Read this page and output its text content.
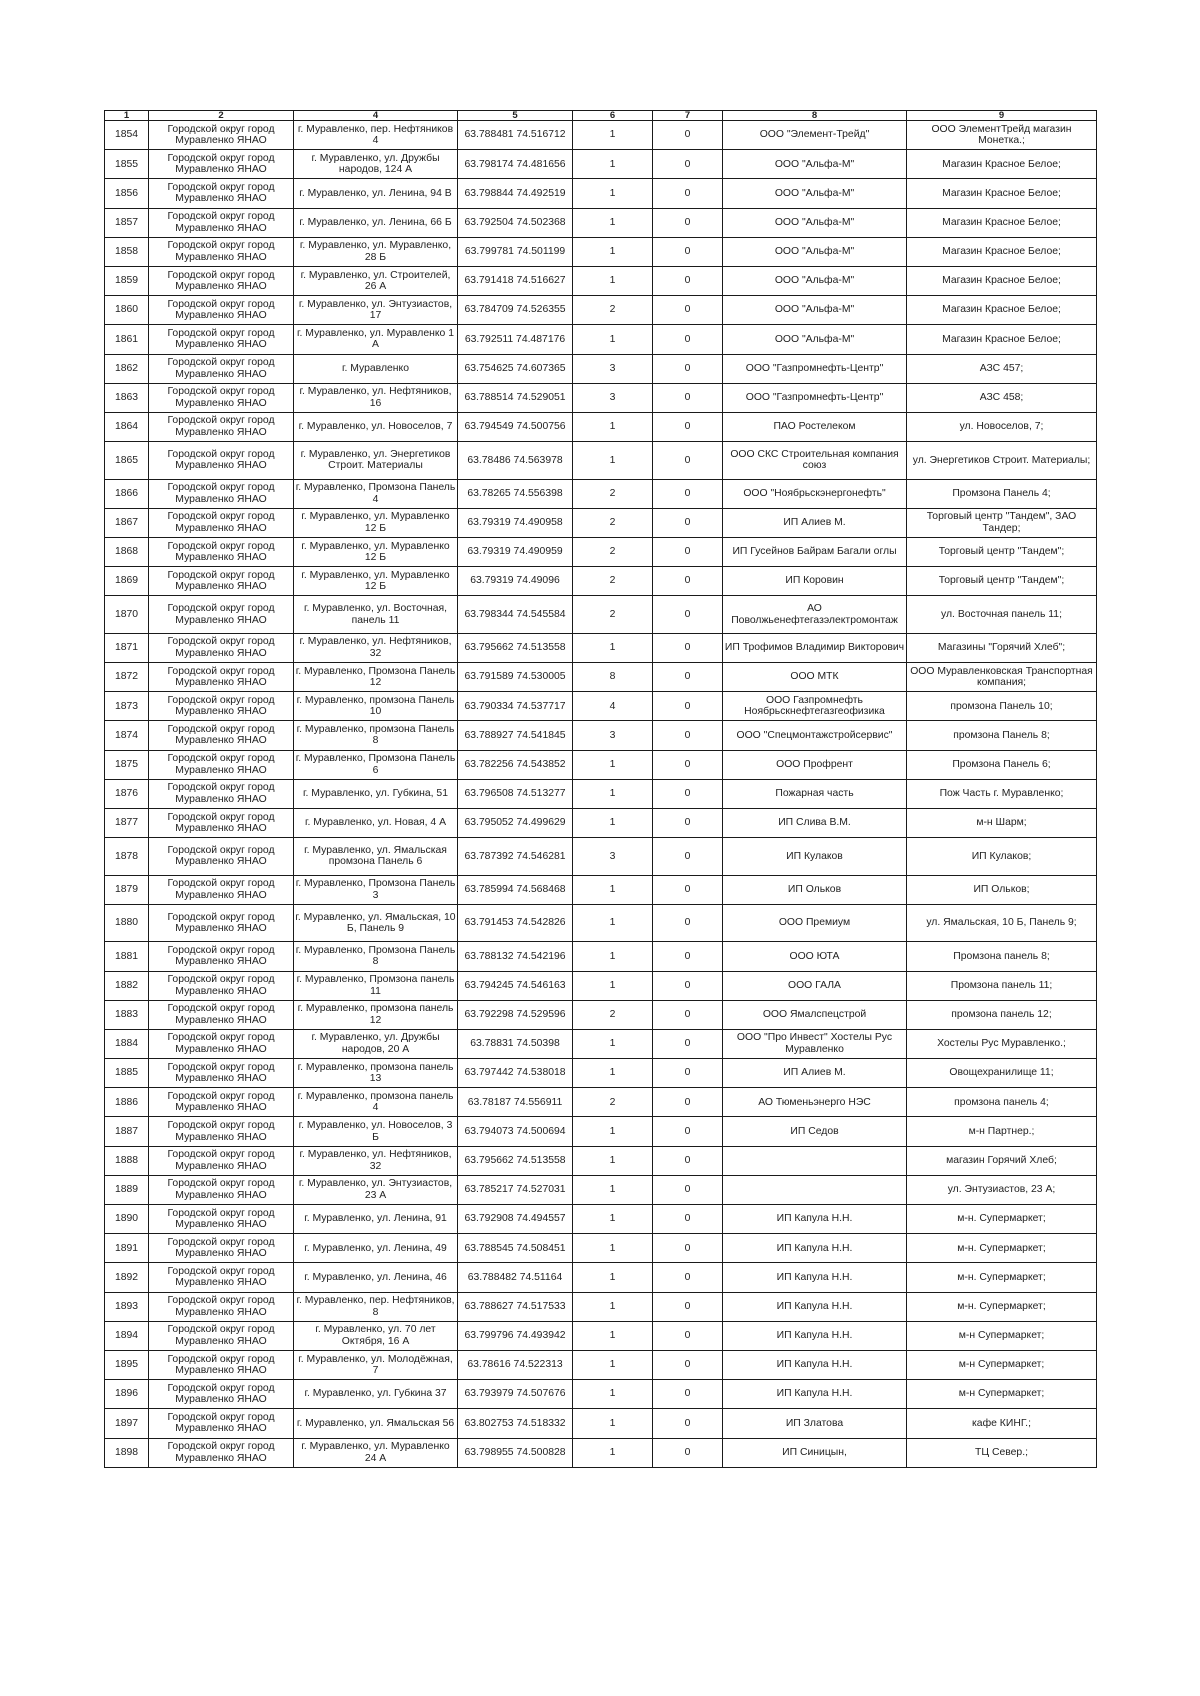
1	2	4	5	6	7	8	9
1854	Городской округ город Муравленко ЯНАО	г. Муравленко, пер. Нефтяников 4	63.788481 74.516712	1	0	ООО "Элемент-Трейд"	ООО ЭлементТрейд магазин Монетка.;
1855	Городской округ город Муравленко ЯНАО	г. Муравленко, ул. Дружбы народов, 124 А	63.798174 74.481656	1	0	ООО "Альфа-М"	Магазин Красное Белое;
1856	Городской округ город Муравленко ЯНАО	г. Муравленко, ул. Ленина, 94 В	63.798844 74.492519	1	0	ООО "Альфа-М"	Магазин Красное Белое;
1857	Городской округ город Муравленко ЯНАО	г. Муравленко, ул. Ленина, 66 Б	63.792504 74.502368	1	0	ООО "Альфа-М"	Магазин Красное Белое;
1858	Городской округ город Муравленко ЯНАО	г. Муравленко, ул. Муравленко, 28 Б	63.799781 74.501199	1	0	ООО "Альфа-М"	Магазин Красное Белое;
1859	Городской округ город Муравленко ЯНАО	г. Муравленко, ул. Строителей, 26 А	63.791418 74.516627	1	0	ООО "Альфа-М"	Магазин Красное Белое;
1860	Городской округ город Муравленко ЯНАО	г. Муравленко, ул. Энтузиастов, 17	63.784709 74.526355	2	0	ООО "Альфа-М"	Магазин Красное Белое;
1861	Городской округ город Муравленко ЯНАО	г. Муравленко, ул. Муравленко 1 А	63.792511 74.487176	1	0	ООО "Альфа-М"	Магазин Красное Белое;
1862	Городской округ город Муравленко ЯНАО	г. Муравленко	63.754625 74.607365	3	0	ООО "Газпромнефть-Центр"	АЗС 457;
1863	Городской округ город Муравленко ЯНАО	г. Муравленко, ул. Нефтяников, 16	63.788514 74.529051	3	0	ООО "Газпромнефть-Центр"	АЗС 458;
1864	Городской округ город Муравленко ЯНАО	г. Муравленко, ул. Новоселов, 7	63.794549 74.500756	1	0	ПАО Ростелеком	ул. Новоселов, 7;
1865	Городской округ город Муравленко ЯНАО	г. Муравленко, ул. Энергетиков Строит. Материалы	63.78486 74.563978	1	0	ООО СКС Строительная компания союз	ул. Энергетиков Строит. Материалы;
1866	Городской округ город Муравленко ЯНАО	г. Муравленко, Промзона Панель 4	63.78265 74.556398	2	0	ООО "Ноябрьскэнергонефть"	Промзона Панель 4;
1867	Городской округ город Муравленко ЯНАО	г. Муравленко, ул. Муравленко 12 Б	63.79319 74.490958	2	0	ИП Алиев М.	Торговый центр "Тандем", ЗАО Тандер;
1868	Городской округ город Муравленко ЯНАО	г. Муравленко, ул. Муравленко 12 Б	63.79319 74.490959	2	0	ИП Гусейнов Байрам Багали оглы	Торговый центр "Тандем";
1869	Городской округ город Муравленко ЯНАО	г. Муравленко, ул. Муравленко 12 Б	63.79319 74.49096	2	0	ИП Коровин	Торговый центр "Тандем";
1870	Городской округ город Муравленко ЯНАО	г. Муравленко, ул. Восточная, панель 11	63.798344 74.545584	2	0	АО Поволжьенефтегазэлектромонтаж	ул. Восточная панель 11;
1871	Городской округ город Муравленко ЯНАО	г. Муравленко, ул. Нефтяников, 32	63.795662 74.513558	1	0	ИП Трофимов Владимир Викторович	Магазины "Горячий Хлеб";
1872	Городской округ город Муравленко ЯНАО	г. Муравленко, Промзона Панель 12	63.791589 74.530005	8	0	ООО МТК	ООО Муравленковская Транспортная компания;
1873	Городской округ город Муравленко ЯНАО	г. Муравленко, промзона Панель 10	63.790334 74.537717	4	0	ООО Газпромнефть Ноябрьскнефтегазгеофизика	промзона Панель 10;
1874	Городской округ город Муравленко ЯНАО	г. Муравленко, промзона Панель 8	63.788927 74.541845	3	0	ООО "Спецмонтажстройсервис"	промзона Панель 8;
1875	Городской округ город Муравленко ЯНАО	г. Муравленко, Промзона Панель 6	63.782256 74.543852	1	0	ООО Профрент	Промзона Панель 6;
1876	Городской округ город Муравленко ЯНАО	г. Муравленко, ул. Губкина, 51	63.796508 74.513277	1	0	Пожарная часть	Пож Часть г. Муравленко;
1877	Городской округ город Муравленко ЯНАО	г. Муравленко, ул. Новая, 4 А	63.795052 74.499629	1	0	ИП Слива В.М.	м-н Шарм;
1878	Городской округ город Муравленко ЯНАО	г. Муравленко, ул. Ямальская промзона Панель 6	63.787392 74.546281	3	0	ИП Кулаков	ИП Кулаков;
1879	Городской округ город Муравленко ЯНАО	г. Муравленко, Промзона Панель 3	63.785994 74.568468	1	0	ИП Ольков	ИП Ольков;
1880	Городской округ город Муравленко ЯНАО	г. Муравленко, ул. Ямальская, 10 Б, Панель 9	63.791453 74.542826	1	0	ООО Премиум	ул. Ямальская, 10 Б, Панель 9;
1881	Городской округ город Муравленко ЯНАО	г. Муравленко, Промзона Панель 8	63.788132 74.542196	1	0	ООО ЮТА	Промзона панель 8;
1882	Городской округ город Муравленко ЯНАО	г. Муравленко, Промзона панель 11	63.794245 74.546163	1	0	ООО ГАЛА	Промзона панель 11;
1883	Городской округ город Муравленко ЯНАО	г. Муравленко, промзона панель 12	63.792298 74.529596	2	0	ООО Ямалспецстрой	промзона панель 12;
1884	Городской округ город Муравленко ЯНАО	г. Муравленко, ул. Дружбы народов, 20 А	63.78831 74.50398	1	0	ООО "Про Инвест" Хостелы Рус Муравленко	Хостелы Рус Муравленко.;
1885	Городской округ город Муравленко ЯНАО	г. Муравленко, промзона панель 13	63.797442 74.538018	1	0	ИП Алиев М.	Овощехранилище 11;
1886	Городской округ город Муравленко ЯНАО	г. Муравленко, промзона панель 4	63.78187 74.556911	2	0	АО Тюменьэнерго НЭС	промзона панель 4;
1887	Городской округ город Муравленко ЯНАО	г. Муравленко, ул. Новоселов, 3 Б	63.794073 74.500694	1	0	ИП Седов	м-н Партнер.;
1888	Городской округ город Муравленко ЯНАО	г. Муравленко, ул. Нефтяников, 32	63.795662 74.513558	1	0		магазин Горячий Хлеб;
1889	Городской округ город Муравленко ЯНАО	г. Муравленко, ул. Энтузиастов, 23 А	63.785217 74.527031	1	0		ул. Энтузиастов, 23 А;
1890	Городской округ город Муравленко ЯНАО	г. Муравленко, ул. Ленина, 91	63.792908 74.494557	1	0	ИП Капула Н.Н.	м-н. Супермаркет;
1891	Городской округ город Муравленко ЯНАО	г. Муравленко, ул. Ленина, 49	63.788545 74.508451	1	0	ИП Капула Н.Н.	м-н. Супермаркет;
1892	Городской округ город Муравленко ЯНАО	г. Муравленко, ул. Ленина, 46	63.788482 74.51164	1	0	ИП Капула Н.Н.	м-н. Супермаркет;
1893	Городской округ город Муравленко ЯНАО	г. Муравленко, пер. Нефтяников, 8	63.788627 74.517533	1	0	ИП Капула Н.Н.	м-н. Супермаркет;
1894	Городской округ город Муравленко ЯНАО	г. Муравленко, ул. 70 лет Октября, 16 А	63.799796 74.493942	1	0	ИП Капула Н.Н.	м-н Супермаркет;
1895	Городской округ город Муравленко ЯНАО	г. Муравленко, ул. Молодёжная, 7	63.78616 74.522313	1	0	ИП Капула Н.Н.	м-н Супермаркет;
1896	Городской округ город Муравленко ЯНАО	г. Муравленко, ул. Губкина 37	63.793979 74.507676	1	0	ИП Капула Н.Н.	м-н Супермаркет;
1897	Городской округ город Муравленко ЯНАО	г. Муравленко, ул. Ямальская 56	63.802753 74.518332	1	0	ИП Златова	кафе КИНГ.;
1898	Городской округ город Муравленко ЯНАО	г. Муравленко, ул. Муравленко 24 А	63.798955 74.500828	1	0	ИП Синицын,	ТЦ Север.;
